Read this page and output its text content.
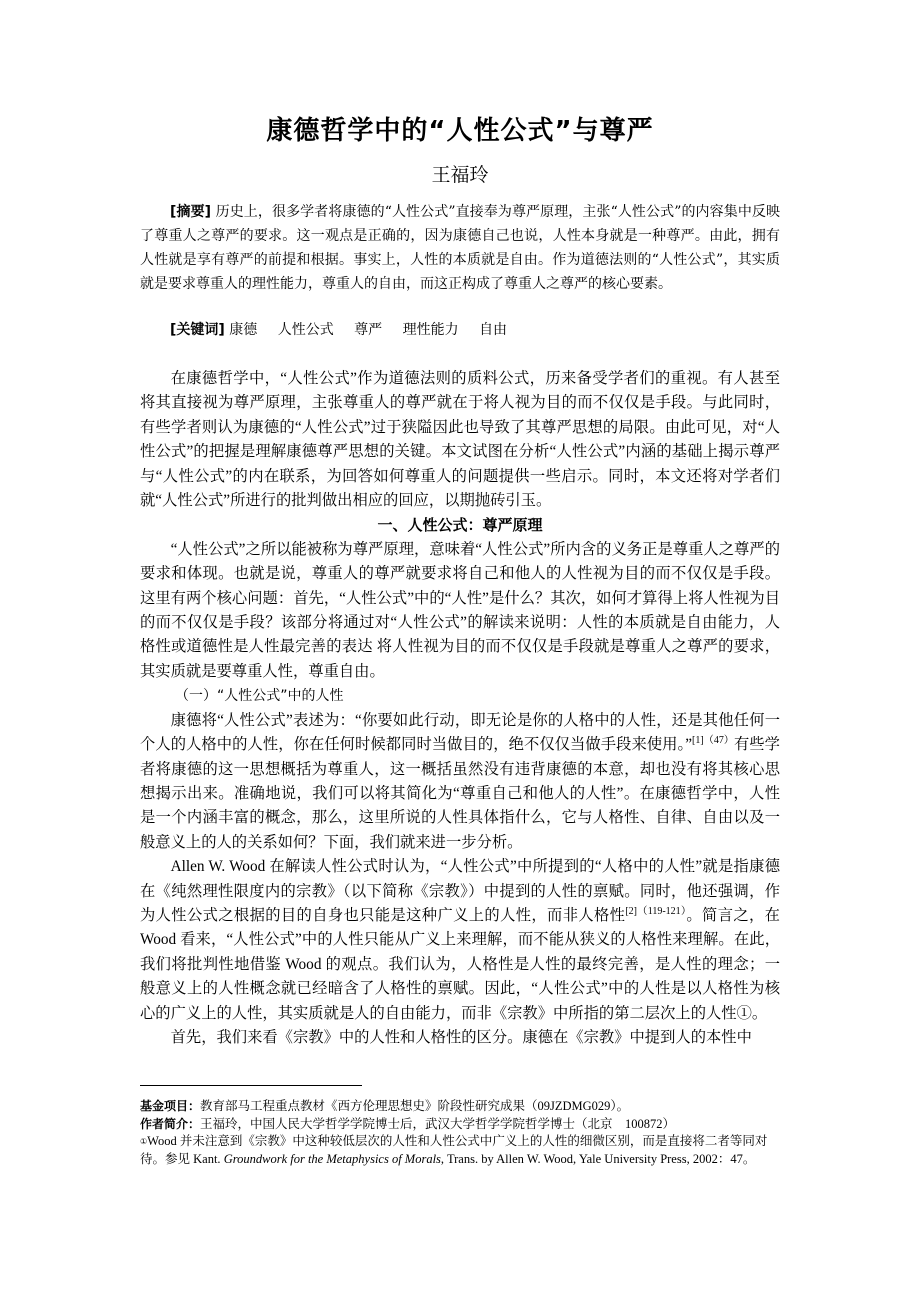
康德哲学中的“人性公式”与尊严
王福玲
[摘要] 历史上，很多学者将康德的“人性公式”直接奉为尊严原理，主张“人性公式”的内容集中反映了尊重人之尊严的要求。这一观点是正确的，因为康德自己也说，人性本身就是一种尊严。由此，拥有人性就是享有尊严的前提和根据。事实上，人性的本质就是自由。作为道德法则的“人性公式”，其实质就是要求尊重人的理性能力，尊重人的自由，而这正构成了尊重人之尊严的核心要素。
[关键词] 康德 人性公式 尊严 理性能力 自由

在康德哲学中，“人性公式”作为道德法则的质料公式，历来备受学者们的重视。有人甚至将其直接视为尊严原理，主张尊重人的尊严就在于将人视为目的而不仅仅是手段。与此同时，有些学者则认为康德的“人性公式”过于狭隘因此也导致了其尊严思想的局限。由此可见，对“人性公式”的把握是理解康德尊严思想的关键。本文试图在分析“人性公式”内涵的基础上揭示尊严与“人性公式”的内在联系，为回答如何尊重人的问题提供一些启示。同时，本文还将对学者们就“人性公式”所进行的批判做出相应的回应，以期抛砖引玉。

一、人性公式：尊严原理

“人性公式”之所以能被称为尊严原理，意味着“人性公式”所内含的义务正是尊重人之尊严的要求和体现。也就是说，尊重人的尊严就要求将自己和他人的人性视为目的而不仅仅是手段。这里有两个核心问题：首先，“人性公式”中的“人性”是什么？其次，如何才算得上将人性视为目的而不仅仅是手段？该部分将通过对“人性公式”的解读来说明：人性的本质就是自由能力，人格性或道德性是人性最完善的表达 将人性视为目的而不仅仅是手段就是尊重人之尊严的要求，其实质就是要尊重人性，尊重自由。

（一）“人性公式”中的人性

康德将“人性公式”表述为：“你要如此行动，即无论是你的人格中的人性，还是其他任何一个人的人格中的人性，你在任何时候都同时当做目的，绝不仅仅当做手段来使用。”$^{[1](47)}$有些学者将康德的这一思想概括为尊重人，这一概括虽然没有违背康德的本意，却也没有将其核心思想揭示出来。准确地说，我们可以将其简化为“尊重自己和他人的人性”。在康德哲学中，人性是一个内涵丰富的概念，那么，这里所说的人性具体指什么，它与人格性、自律、自由以及一般意义上的人的关系如何？下面，我们就来进一步分析。

Allen W. Wood 在解读人性公式时认为，“人性公式”中所提到的“人格中的人性”就是指康德在《纯然理性限度内的宗教》（以下简称《宗教》）中提到的人性的禀赋。同时，他还强调，作为人性公式之根据的目的自身也只能是这种广义上的人性，而非人格性$^{[2](119-121)}$。简言之，在 Wood 看来，“人性公式”中的人性只能从广义上来理解，而不能从狭义的人格性来理解。在此，我们将批判性地借鉴 Wood 的观点。我们认为，人格性是人性的最终完善，是人性的理念；一般意义上的人性概念就已经暗含了人格性的禀赋。因此，“人性公式”中的人性是以人格性为核心的广义上的人性，其实质就是人的自由能力，而非《宗教》中所指的第二层次上的人性①。

首先，我们来看《宗教》中的人性和人格性的区分。康德在《宗教》中提到人的本性中

基金项目：教育部马工程重点教材《西方伦理思想史》阶段性研究成果（09JZDMG029）。
作者简介：王福玲，中国人民大学哲学学院博士后，武汉大学哲学学院哲学博士（北京　100872）
①Wood 并未注意到《宗教》中这种较低层次的人性和人性公式中广义上的人性的细微区别，而是直接将二者等同对待。参见 Kant. Groundwork for the Metaphysics of Morals, Trans. by Allen W. Wood, Yale University Press, 2002：47。
